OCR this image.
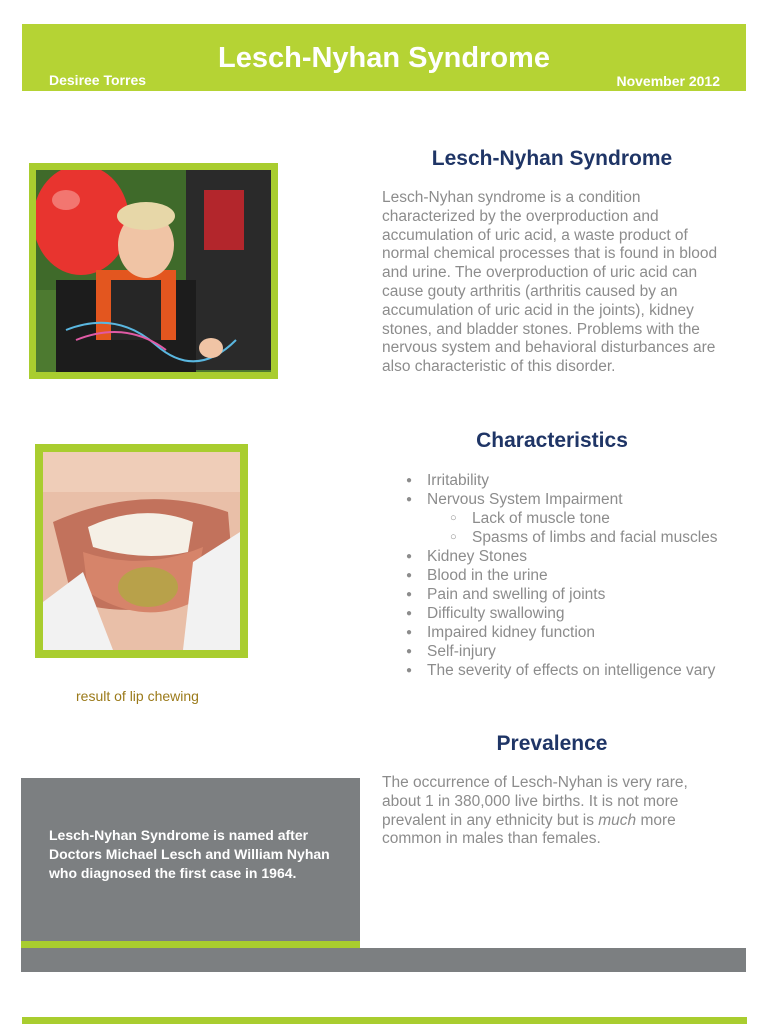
Lesch-Nyhan Syndrome
Desiree Torres	November 2012
result of lip chewing
Lesch-Nyhan Syndrome
Lesch-Nyhan syndrome is a condition characterized by the overproduction and accumulation of uric acid, a waste product of normal chemical processes that is found in blood and urine. The overproduction of uric acid can cause gouty arthritis (arthritis caused by an accumulation of uric acid in the joints), kidney stones, and bladder stones. Problems with the nervous system and behavioral disturbances are also characteristic of this disorder.
Characteristics
● Irritability
● Nervous System Impairment
○ Lack of muscle tone
○ Spasms of limbs and facial muscles
● Kidney Stones
● Blood in the urine
● Pain and swelling of joints
● Difficulty swallowing
● Impaired kidney function
● Self-injury
● The severity of effects on intelligence vary
Prevalence
The occurrence of Lesch-Nyhan is very rare, about 1 in 380,000 live births. It is not more prevalent in any ethnicity but is much more common in males than females.
Lesch-Nyhan Syndrome is named after Doctors Michael Lesch and William Nyhan who diagnosed the first case in 1964.
